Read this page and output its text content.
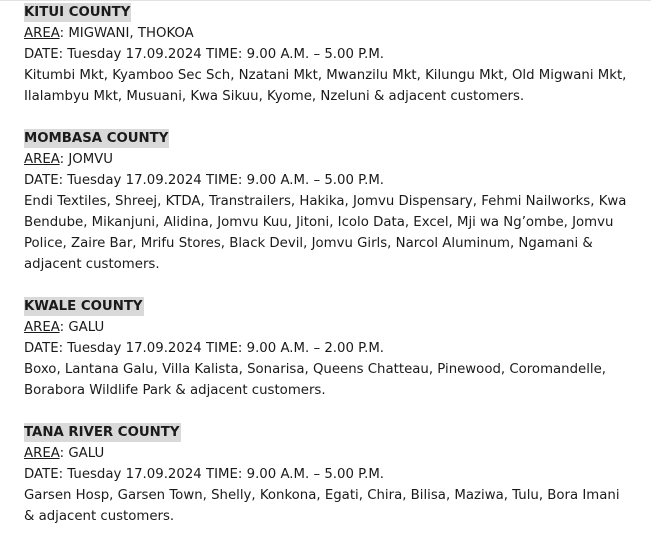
KITUI COUNTY
AREA: MIGWANI, THOKOA
DATE: Tuesday 17.09.2024 TIME: 9.00 A.M. – 5.00 P.M.
Kitumbi Mkt, Kyamboo Sec Sch, Nzatani Mkt, Mwanzilu Mkt, Kilungu Mkt, Old Migwani Mkt, Ilalambyu Mkt, Musuani, Kwa Sikuu, Kyome, Nzeluni & adjacent customers.
MOMBASA COUNTY
AREA: JOMVU
DATE: Tuesday 17.09.2024 TIME: 9.00 A.M. – 5.00 P.M.
Endi Textiles, Shreej, KTDA, Transtrailers, Hakika, Jomvu Dispensary, Fehmi Nailworks, Kwa Bendube, Mikanjuni, Alidina, Jomvu Kuu, Jitoni, Icolo Data, Excel, Mji wa Ng’ombe, Jomvu Police, Zaire Bar, Mrifu Stores, Black Devil, Jomvu Girls, Narcol Aluminum, Ngamani & adjacent customers.
KWALE COUNTY
AREA: GALU
DATE: Tuesday 17.09.2024 TIME: 9.00 A.M. – 2.00 P.M.
Boxo, Lantana Galu, Villa Kalista, Sonarisa, Queens Chatteau, Pinewood, Coromandelle, Borabora Wildlife Park & adjacent customers.
TANA RIVER COUNTY
AREA: GALU
DATE: Tuesday 17.09.2024 TIME: 9.00 A.M. – 5.00 P.M.
Garsen Hosp, Garsen Town, Shelly, Konkona, Egati, Chira, Bilisa, Maziwa, Tulu, Bora Imani & adjacent customers.
